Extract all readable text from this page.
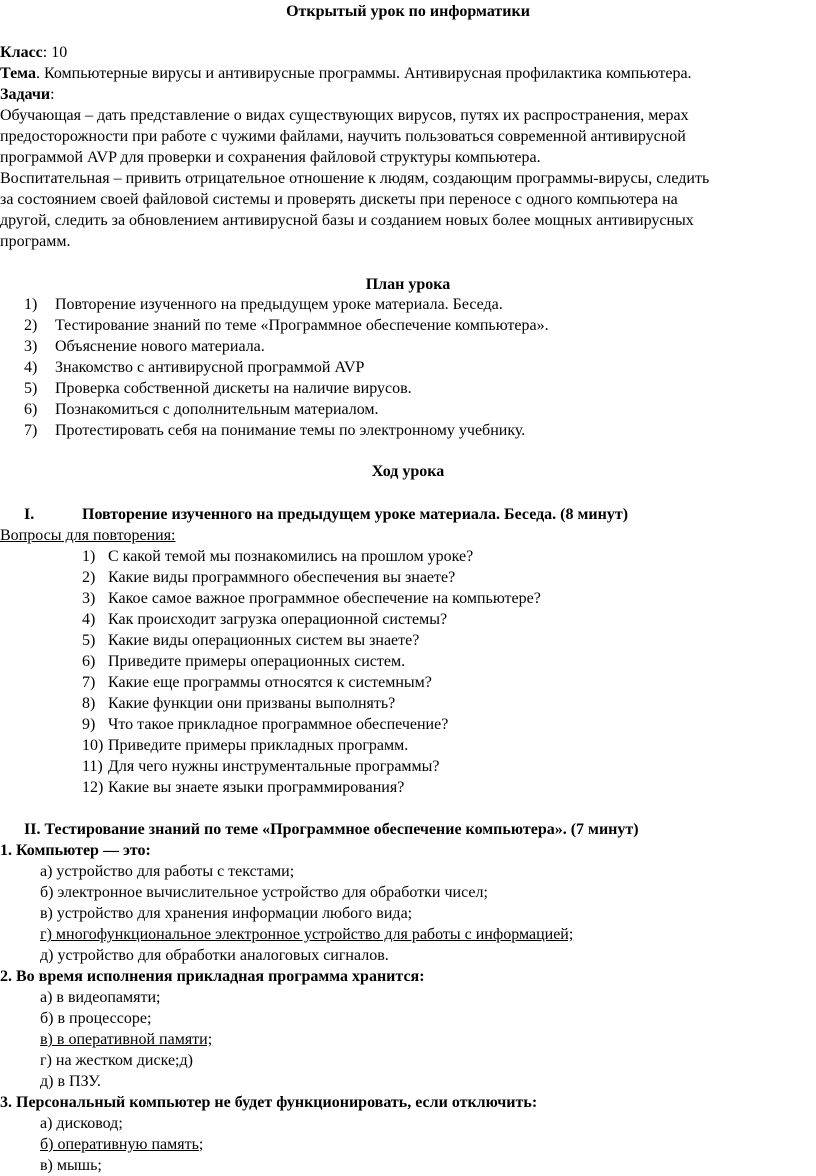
Открытый урок по информатики
Класс: 10
Тема. Компьютерные вирусы и антивирусные программы. Антивирусная профилактика компьютера.
Задачи:
Обучающая – дать представление о видах существующих вирусов, путях их распространения, мерах
предосторожности при работе с чужими файлами, научить пользоваться современной антивирусной
программой AVP для проверки и сохранения файловой структуры компьютера.
Воспитательная – привить отрицательное отношение к людям, создающим программы-вирусы, следить
за состоянием своей файловой системы и проверять дискеты при переносе с одного компьютера на
другой, следить за обновлением антивирусной базы и созданием новых более мощных антивирусных
программ.
План урока
1) Повторение изученного на предыдущем уроке материала. Беседа.
2) Тестирование знаний по теме «Программное обеспечение компьютера».
3) Объяснение нового материала.
4) Знакомство с антивирусной программой AVP
5) Проверка собственной дискеты на наличие вирусов.
6) Познакомиться с дополнительным материалом.
7) Протестировать себя на понимание темы по электронному учебнику.
Ход урока
I.	Повторение изученного на предыдущем уроке материала. Беседа. (8 минут)
Вопросы для повторения:
1) С какой темой мы познакомились на прошлом уроке?
2) Какие виды программного обеспечения вы знаете?
3) Какое самое важное программное обеспечение на компьютере?
4) Как происходит загрузка операционной системы?
5) Какие виды операционных систем вы знаете?
6) Приведите примеры операционных систем.
7) Какие еще программы относятся к системным?
8) Какие функции они призваны выполнять?
9) Что такое прикладное программное обеспечение?
10) Приведите примеры прикладных программ.
11) Для чего нужны инструментальные программы?
12) Какие вы знаете языки программирования?
II. Тестирование знаний по теме «Программное обеспечение компьютера». (7 минут)
1. Компьютер — это:
а) устройство для работы с текстами;
б) электронное вычислительное устройство для обработки чисел;
в) устройство для хранения информации любого вида;
г) многофункциональное электронное устройство для работы с информацией;
д) устройство для обработки аналоговых сигналов.
2. Во время исполнения прикладная программа хранится:
а) в видеопамяти;
б) в процессоре;
в) в оперативной памяти;
г) на жестком диске;д)
д) в ПЗУ.
3. Персональный компьютер не будет функционировать, если отключить:
а) дисковод;
б) оперативную память;
в) мышь;
